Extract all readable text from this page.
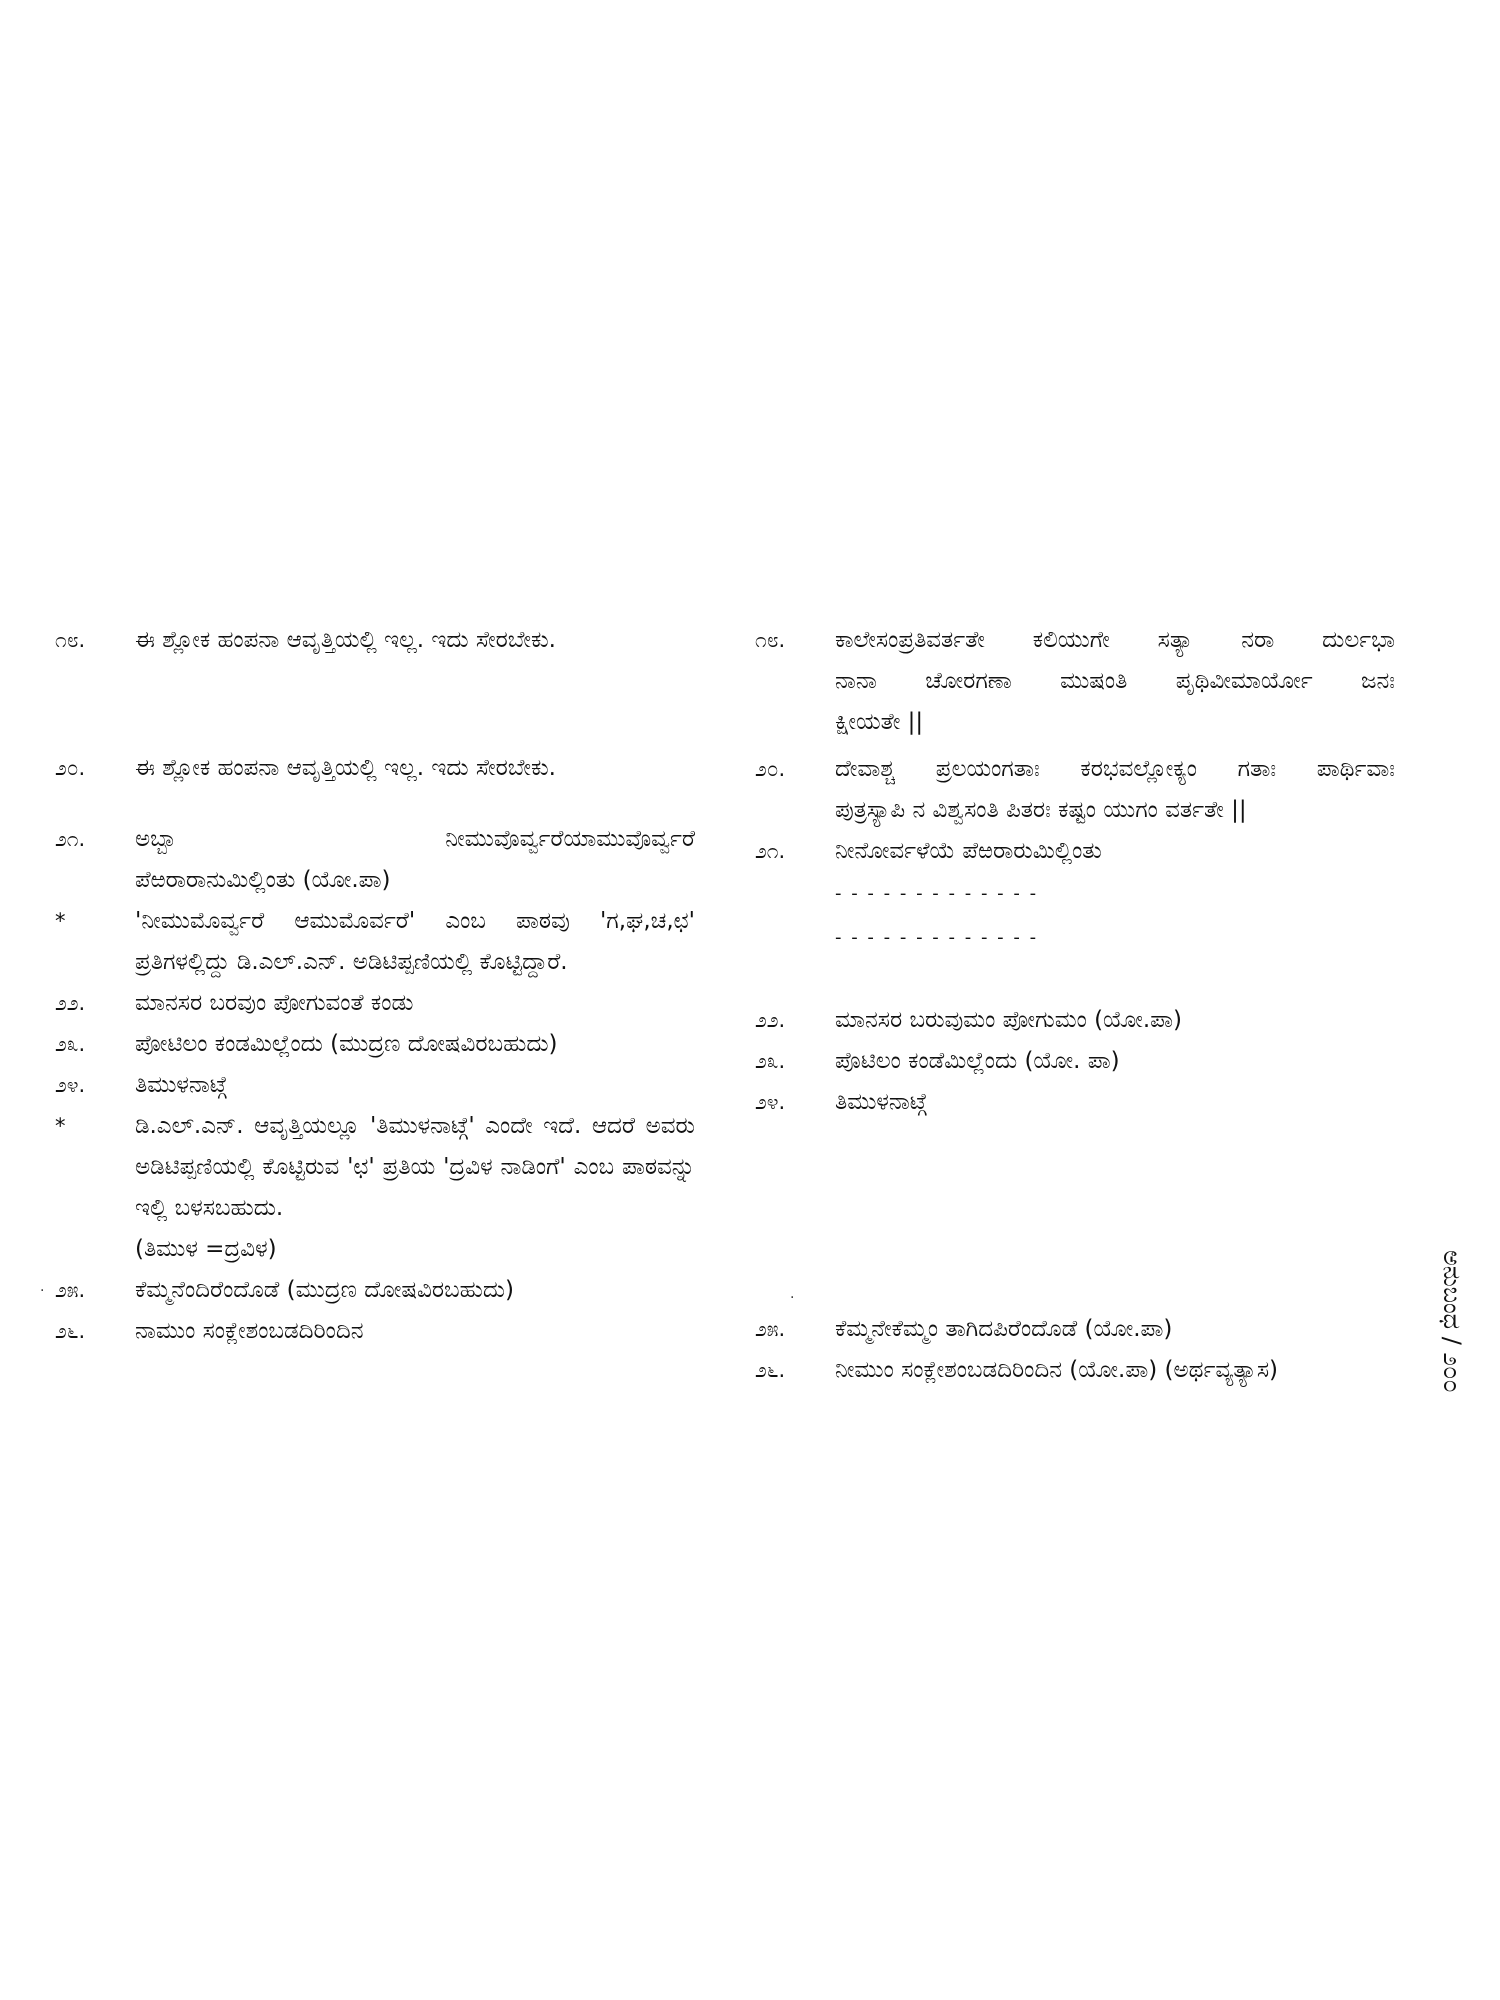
೧೮.	ಈ ಶ್ಲೋಕ ಹಂಪನಾ ಆವೃತ್ತಿಯಲ್ಲಿ ಇಲ್ಲ. ಇದು ಸೇರಬೇಕು.
೨೦.	ಈ ಶ್ಲೋಕ ಹಂಪನಾ ಆವೃತ್ತಿಯಲ್ಲಿ ಇಲ್ಲ. ಇದು ಸೇರಬೇಕು.
೨೧.	ಅಬ್ಬಾ ನೀಮುವೊರ್ವ್ವರೆಯಾಮುವೊರ್ವ್ವರೆ
ಪೆಱರಾರಾನುಮಿಲ್ಲಿಂತು (ಯೋ.ಪಾ)
*	'ನೀಮುಮೊರ್ವ್ವರೆ ಆಮುಮೊರ್ವರೆ' ಎಂಬ ಪಾಠವು 'ಗ,ಘ,ಚ,ಛ' ಪ್ರತಿಗಳಲ್ಲಿದ್ದು ಡಿ.ಎಲ್.ಎನ್. ಅಡಿಟಿಪ್ಪಣಿಯಲ್ಲಿ ಕೊಟ್ಟಿದ್ದಾರೆ.
೨೨.	ಮಾನಸರ ಬರವುಂ ಪೋಗುವಂತೆ ಕಂಡು
೨೩.	ಪೋಟಿಲಂ ಕಂಡಮಿಲ್ಲೆಂದು (ಮುದ್ರಣ ದೋಷವಿರಬಹುದು)
೨೪.	ತಿಮುಳನಾಟ್ಗೆ
*	ಡಿ.ಎಲ್.ಎನ್. ಆವೃತ್ತಿಯಲ್ಲೂ 'ತಿಮುಳನಾಟ್ಗೆ' ಎಂದೇ ಇದೆ. ಆದರೆ ಅವರು ಅಡಿಟಿಪ್ಪಣಿಯಲ್ಲಿ ಕೊಟ್ಟಿರುವ 'ಛ' ಪ್ರತಿಯ 'ದ್ರವಿಳ ನಾಡಿಂಗೆ' ಎಂಬ ಪಾಠವನ್ನು ಇಲ್ಲಿ ಬಳಸಬಹುದು.
(ತಿಮುಳ =ದ್ರವಿಳ)
೨೫.	ಕೆಮ್ಮನೆಂದಿರೆಂದೊಡೆ (ಮುದ್ರಣ ದೋಷವಿರಬಹುದು)
೨೬.	ನಾಮುಂ ಸಂಕ್ಲೇಶಂಬಡದಿರಿಂದಿನ
೧೮.	ಕಾಲೇಸಂಪ್ರತಿವರ್ತತೇ ಕಲಿಯುಗೇ ಸತ್ಯಾ ನರಾ ದುರ್ಲಭಾ
ನಾನಾ ಚೋರಗಣಾ ಮುಷಂತಿ ಪೃಥಿವೀಮಾರ್ಯೋ ಜನಃ
ಕ್ಷೀಯತೇ ||
೨೦.	ದೇವಾಶ್ಚ ಪ್ರಲಯಂಗತಾಃ ಕರಭವಲ್ಲೋಕ್ಯಂ ಗತಾಃ ಪಾರ್ಥಿವಾಃ
ಪುತ್ರಸ್ಯಾಪಿ ನ ವಿಶ್ವಸಂತಿ ಪಿತರಃ ಕಷ್ಟಂ ಯುಗಂ ವರ್ತತೇ ||
೨೧.	ನೀನೋರ್ವಳೆಯೆ ಪೆಱರಾರುಮಿಲ್ಲಿಂತು
- - - - - - - - - - - - -
- - - - - - - - - - - - -
೨೨.	ಮಾನಸರ ಬರುವುಮಂ ಪೋಗುಮಂ (ಯೋ.ಪಾ)
೨೩.	ಪೊಟಿಲಂ ಕಂಡೆಮಿಲ್ಲೆಂದು (ಯೋ. ಪಾ)
೨೪.	ತಿಮುಳನಾಟ್ಗೆ
೨೫.	ಕೆಮ್ಮನೇಕೆಮ್ಮಂ ತಾಗಿದಪಿರೆಂದೊಡೆ (ಯೋ.ಪಾ)
೨೬.	ನೀಮುಂ ಸಂಕ್ಲೇಶಂಬಡದಿರಿಂದಿನ (ಯೋ.ಪಾ) (ಅರ್ಥವ್ಯತ್ಯಾಸ)
·	·	ಅನುಬಂಧ / ೨೦೦
